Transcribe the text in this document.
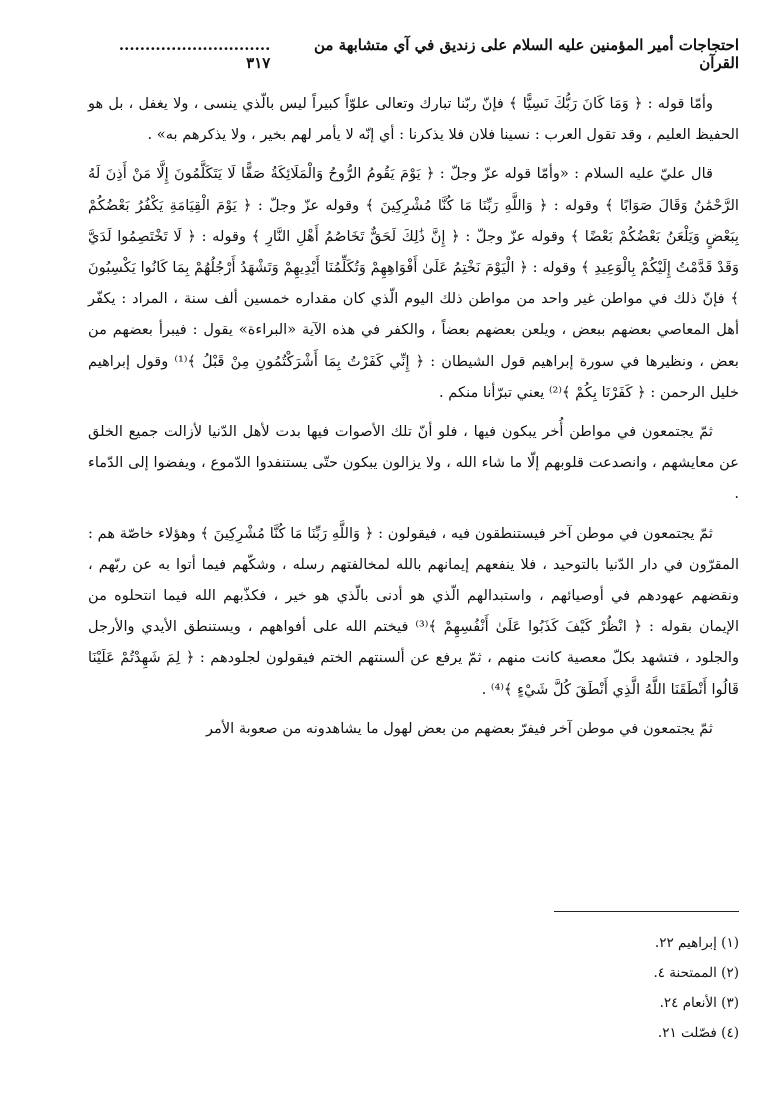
احتجاجات أمير المؤمنين عليه السلام على زنديق في آي متشابهة من القرآن
............................. ٣١٧

وأمّا قوله : ﴿ وَمَا كَانَ رَبُّكَ نَسِيًّا ﴾ فإنّ ربّنا تبارك وتعالى علوّاً كبيراً ليس بالّذي ينسى ، ولا يغفل ، بل هو الحفيظ العليم ، وقد تقول العرب : نسينا فلان فلا يذكرنا : أي إنّه لا يأمر لهم بخير ، ولا يذكرهم به» .

قال عليّ عليه السلام : «وأمّا قوله عزّ وجلّ : ﴿ يَوْمَ يَقُومُ الرُّوحُ وَالْمَلَائِكَةُ صَفًّا لَا يَتَكَلَّمُونَ إِلَّا مَنْ أَذِنَ لَهُ الرَّحْمَٰنُ وَقَالَ صَوَابًا ﴾ وقوله : ﴿ وَاللَّهِ رَبِّنَا مَا كُنَّا مُشْرِكِينَ ﴾ وقوله عزّ وجلّ : ﴿ يَوْمَ الْقِيَامَةِ يَكْفُرُ بَعْضُكُمْ بِبَعْضٍ وَيَلْعَنُ بَعْضُكُمْ بَعْضًا ﴾ وقوله عزّ وجلّ : ﴿ إِنَّ ذَٰلِكَ لَحَقٌّ تَخَاصُمُ أَهْلِ النَّارِ ﴾ وقوله : ﴿ لَا تَخْتَصِمُوا لَدَيَّ وَقَدْ قَدَّمْتُ إِلَيْكُمْ بِالْوَعِيدِ ﴾ وقوله : ﴿ الْيَوْمَ نَخْتِمُ عَلَىٰ أَفْوَاهِهِمْ وَتُكَلِّمُنَا أَيْدِيهِمْ وَتَشْهَدُ أَرْجُلُهُمْ بِمَا كَانُوا يَكْسِبُونَ ﴾ فإنّ ذلك في مواطن غير واحد من مواطن ذلك اليوم الّذي كان مقداره خمسين ألف سنة ، المراد : يكفّر أهل المعاصي بعضهم ببعض ، ويلعن بعضهم بعضاً ، والكفر في هذه الآية «البراءة» يقول : فيبرأ بعضهم من بعض ، ونظيرها في سورة إبراهيم قول الشيطان : ﴿ إِنِّي كَفَرْتُ بِمَا أَشْرَكْتُمُونِ مِنْ قَبْلُ ﴾⁽¹⁾ وقول إبراهيم خليل الرحمن : ﴿ كَفَرْنَا بِكُمْ ﴾⁽²⁾ يعني تبرّأنا منكم .

ثمّ يجتمعون في مواطن أُخر يبكون فيها ، فلو أنّ تلك الأصوات فيها بدت لأهل الدّنيا لأزالت جميع الخلق عن معايشهم ، وانصدعت قلوبهم إلّا ما شاء الله ، ولا يزالون يبكون حتّى يستنفدوا الدّموع ، ويفضوا إلى الدّماء .

ثمّ يجتمعون في موطن آخر فيستنطقون فيه ، فيقولون : ﴿ وَاللَّهِ رَبِّنَا مَا كُنَّا مُشْرِكِينَ ﴾ وهؤلاء خاصّة هم : المقرّون في دار الدّنيا بالتوحيد ، فلا ينفعهم إيمانهم بالله لمخالفتهم رسله ، وشكّهم فيما أتوا به عن ربّهم ، ونقضهم عهودهم في أوصيائهم ، واستبدالهم الّذي هو أدنى بالّذي هو خير ، فكذّبهم الله فيما انتحلوه من الإيمان بقوله : ﴿ انْظُرْ كَيْفَ كَذَبُوا عَلَىٰ أَنْفُسِهِمْ ﴾⁽³⁾ فيختم الله على أفواههم ، ويستنطق الأيدي والأرجل والجلود ، فتشهد بكلّ معصية كانت منهم ، ثمّ يرفع عن ألسنتهم الختم فيقولون لجلودهم : ﴿ لِمَ شَهِدْتُمْ عَلَيْنَا قَالُوا أَنْطَقَنَا اللَّهُ الَّذِي أَنْطَقَ كُلَّ شَيْءٍ ﴾⁽⁴⁾ .

ثمّ يجتمعون في موطن آخر فيفرّ بعضهم من بعض لهول ما يشاهدونه من صعوبة الأمر

(١) إبراهيم ٢٢.
(٢) الممتحنة ٤.
(٣) الأنعام ٢٤.
(٤) فصّلت ٢١.
